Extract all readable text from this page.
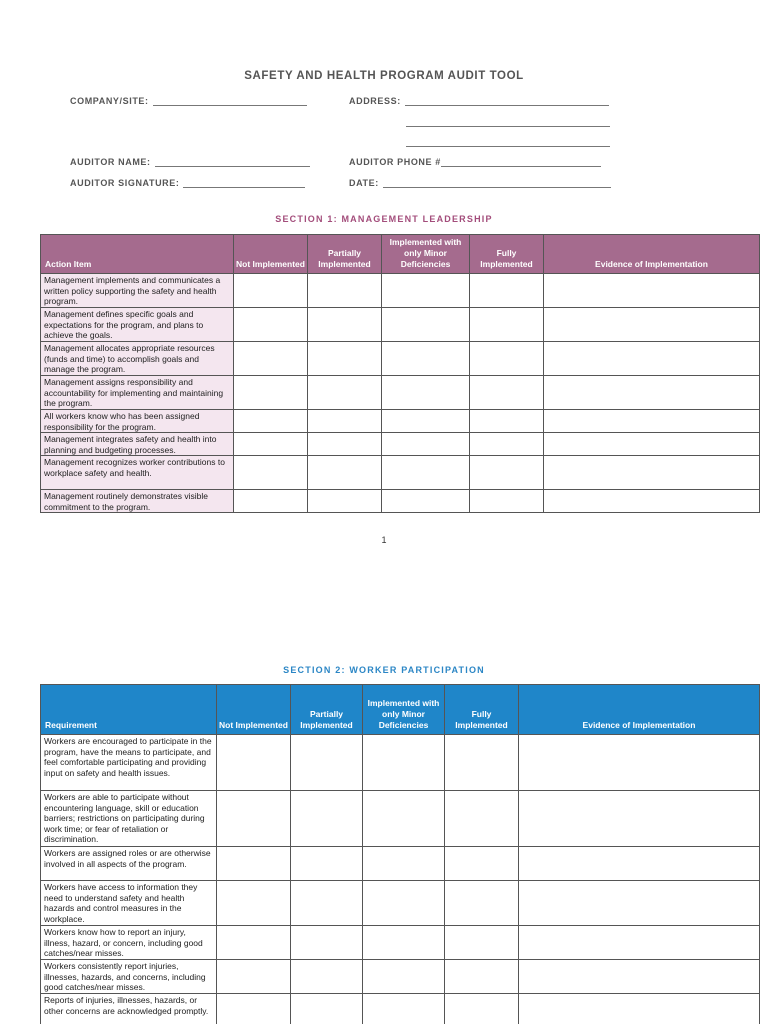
SAFETY AND HEALTH PROGRAM AUDIT TOOL
COMPANY/SITE:	ADDRESS:
AUDITOR NAME:	AUDITOR PHONE #
AUDITOR SIGNATURE:	DATE:
SECTION 1: MANAGEMENT LEADERSHIP
Action Item	Not Implemented	Partially Implemented	Implemented with only Minor Deficiencies	Fully Implemented	Evidence of Implementation
Management implements and communicates a written policy supporting the safety and health program.					
Management defines specific goals and expectations for the program, and plans to achieve the goals.					
Management allocates appropriate resources (funds and time) to accomplish goals and manage the program.					
Management assigns responsibility and accountability for implementing and maintaining the program.					
All workers know who has been assigned responsibility for the program.					
Management integrates safety and health into planning and budgeting processes.					
Management recognizes worker contributions to workplace safety and health.					
Management routinely demonstrates visible commitment to the program.					
1
SECTION 2: WORKER PARTICIPATION
Requirement	Not Implemented	Partially Implemented	Implemented with only Minor Deficiencies	Fully Implemented	Evidence of Implementation
Workers are encouraged to participate in the program, have the means to participate, and feel comfortable participating and providing input on safety and health issues.					
Workers are able to participate without encountering language, skill or education barriers; restrictions on participating during work time; or fear of retaliation or discrimination.					
Workers are assigned roles or are otherwise involved in all aspects of the program.					
Workers have access to information they need to understand safety and health hazards and control measures in the workplace.					
Workers know how to report an injury, illness, hazard, or concern, including good catches/near misses.					
Workers consistently report injuries, illnesses, hazards, and concerns, including good catches/near misses.					
Reports of injuries, illnesses, hazards, or other concerns are acknowledged promptly.					
